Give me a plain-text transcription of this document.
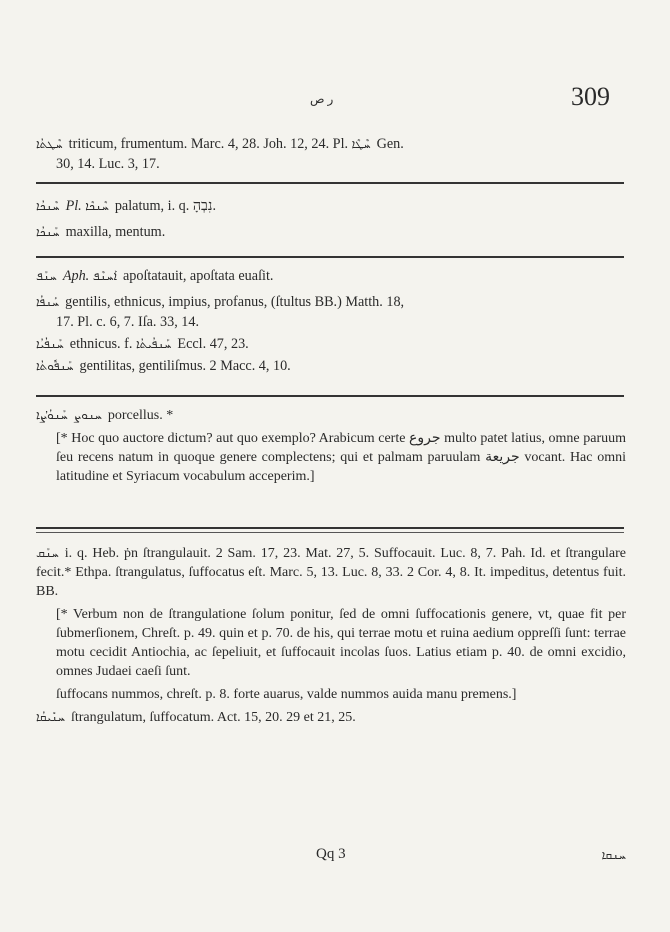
ر ص	309
ܚܶܛܬܳܐ triticum, frumentum. Marc. 4, 28. Joh. 12, 24. Pl. ܚܶܛܶܐ Gen.
30, 14. Luc. 3, 17.
ܚܶܢܟܳܐ Pl. ܚܶܢܟܶܐ palatum, i. q. נִבְהָ.
ܚܰܢܟܳܐ maxilla, mentum.
ܚܢܰܦ Aph. ܐܰܚܢܶܦ apoſtatauit, apoſtata euaſit.
ܚܰܢܦܳܐ gentilis, ethnicus, impius, profanus, (ſtultus BB.) Matth. 18,
17. Pl. c. 6, 7. Iſa. 33, 14.
ܚܰܢܦܳܝܳܐ ethnicus. f. ܚܰܢܦܳܝܬܳܐ Eccl. 47, 23.
ܚܰܢܦܽܘܬܳܐ gentilitas, gentiliſmus. 2 Macc. 4, 10.
ܚܢܘܨܚܰܢܘܳܨܳܐ	porcellus. *
[* Hoc quo auctore dictum? aut quo exemplo? Arabicum certe جروع multo patet latius, omne paruum ſeu recens natum in quoque genere complectens; qui et palmam paruulam جريعة vocant. Hac omni latitudine et Syriacum vocabulum acceperim.]
ܚܢܰܩ i. q. Heb. ṗn ſtrangulauit. 2 Sam. 17, 23. Mat. 27, 5. Suffocauit. Luc. 8, 7. Pah. Id. et ſtrangulare fecit.* Ethpa. ſtrangulatus, ſuffocatus eſt. Marc. 5, 13. Luc. 8, 33. 2 Cor. 4, 8. It. impeditus, detentus fuit. BB.
[* Verbum non de ſtrangulatione ſolum ponitur, ſed de omni ſuffocationis genere, vt, quae fit per ſubmerſionem, Chreſt. p. 49. quin et p. 70. de his, qui terrae motu et ruina aedium oppreſſi ſunt: terrae motu cecidit Antiochia, ac ſepeliuit, et ſuffocauit incolas ſuos. Latius etiam p. 40. de omni excidio, omnes Judaei caeſi ſunt.
ſuffocans nummos, chreſt. p. 8. forte auarus, valde nummos auida manu premens.]
ܚܢܺܝܩܳܐ ſtrangulatum, ſuffocatum. Act. 15, 20. 29 et 21, 25.
Qq 3	ܚܢܩܐ
